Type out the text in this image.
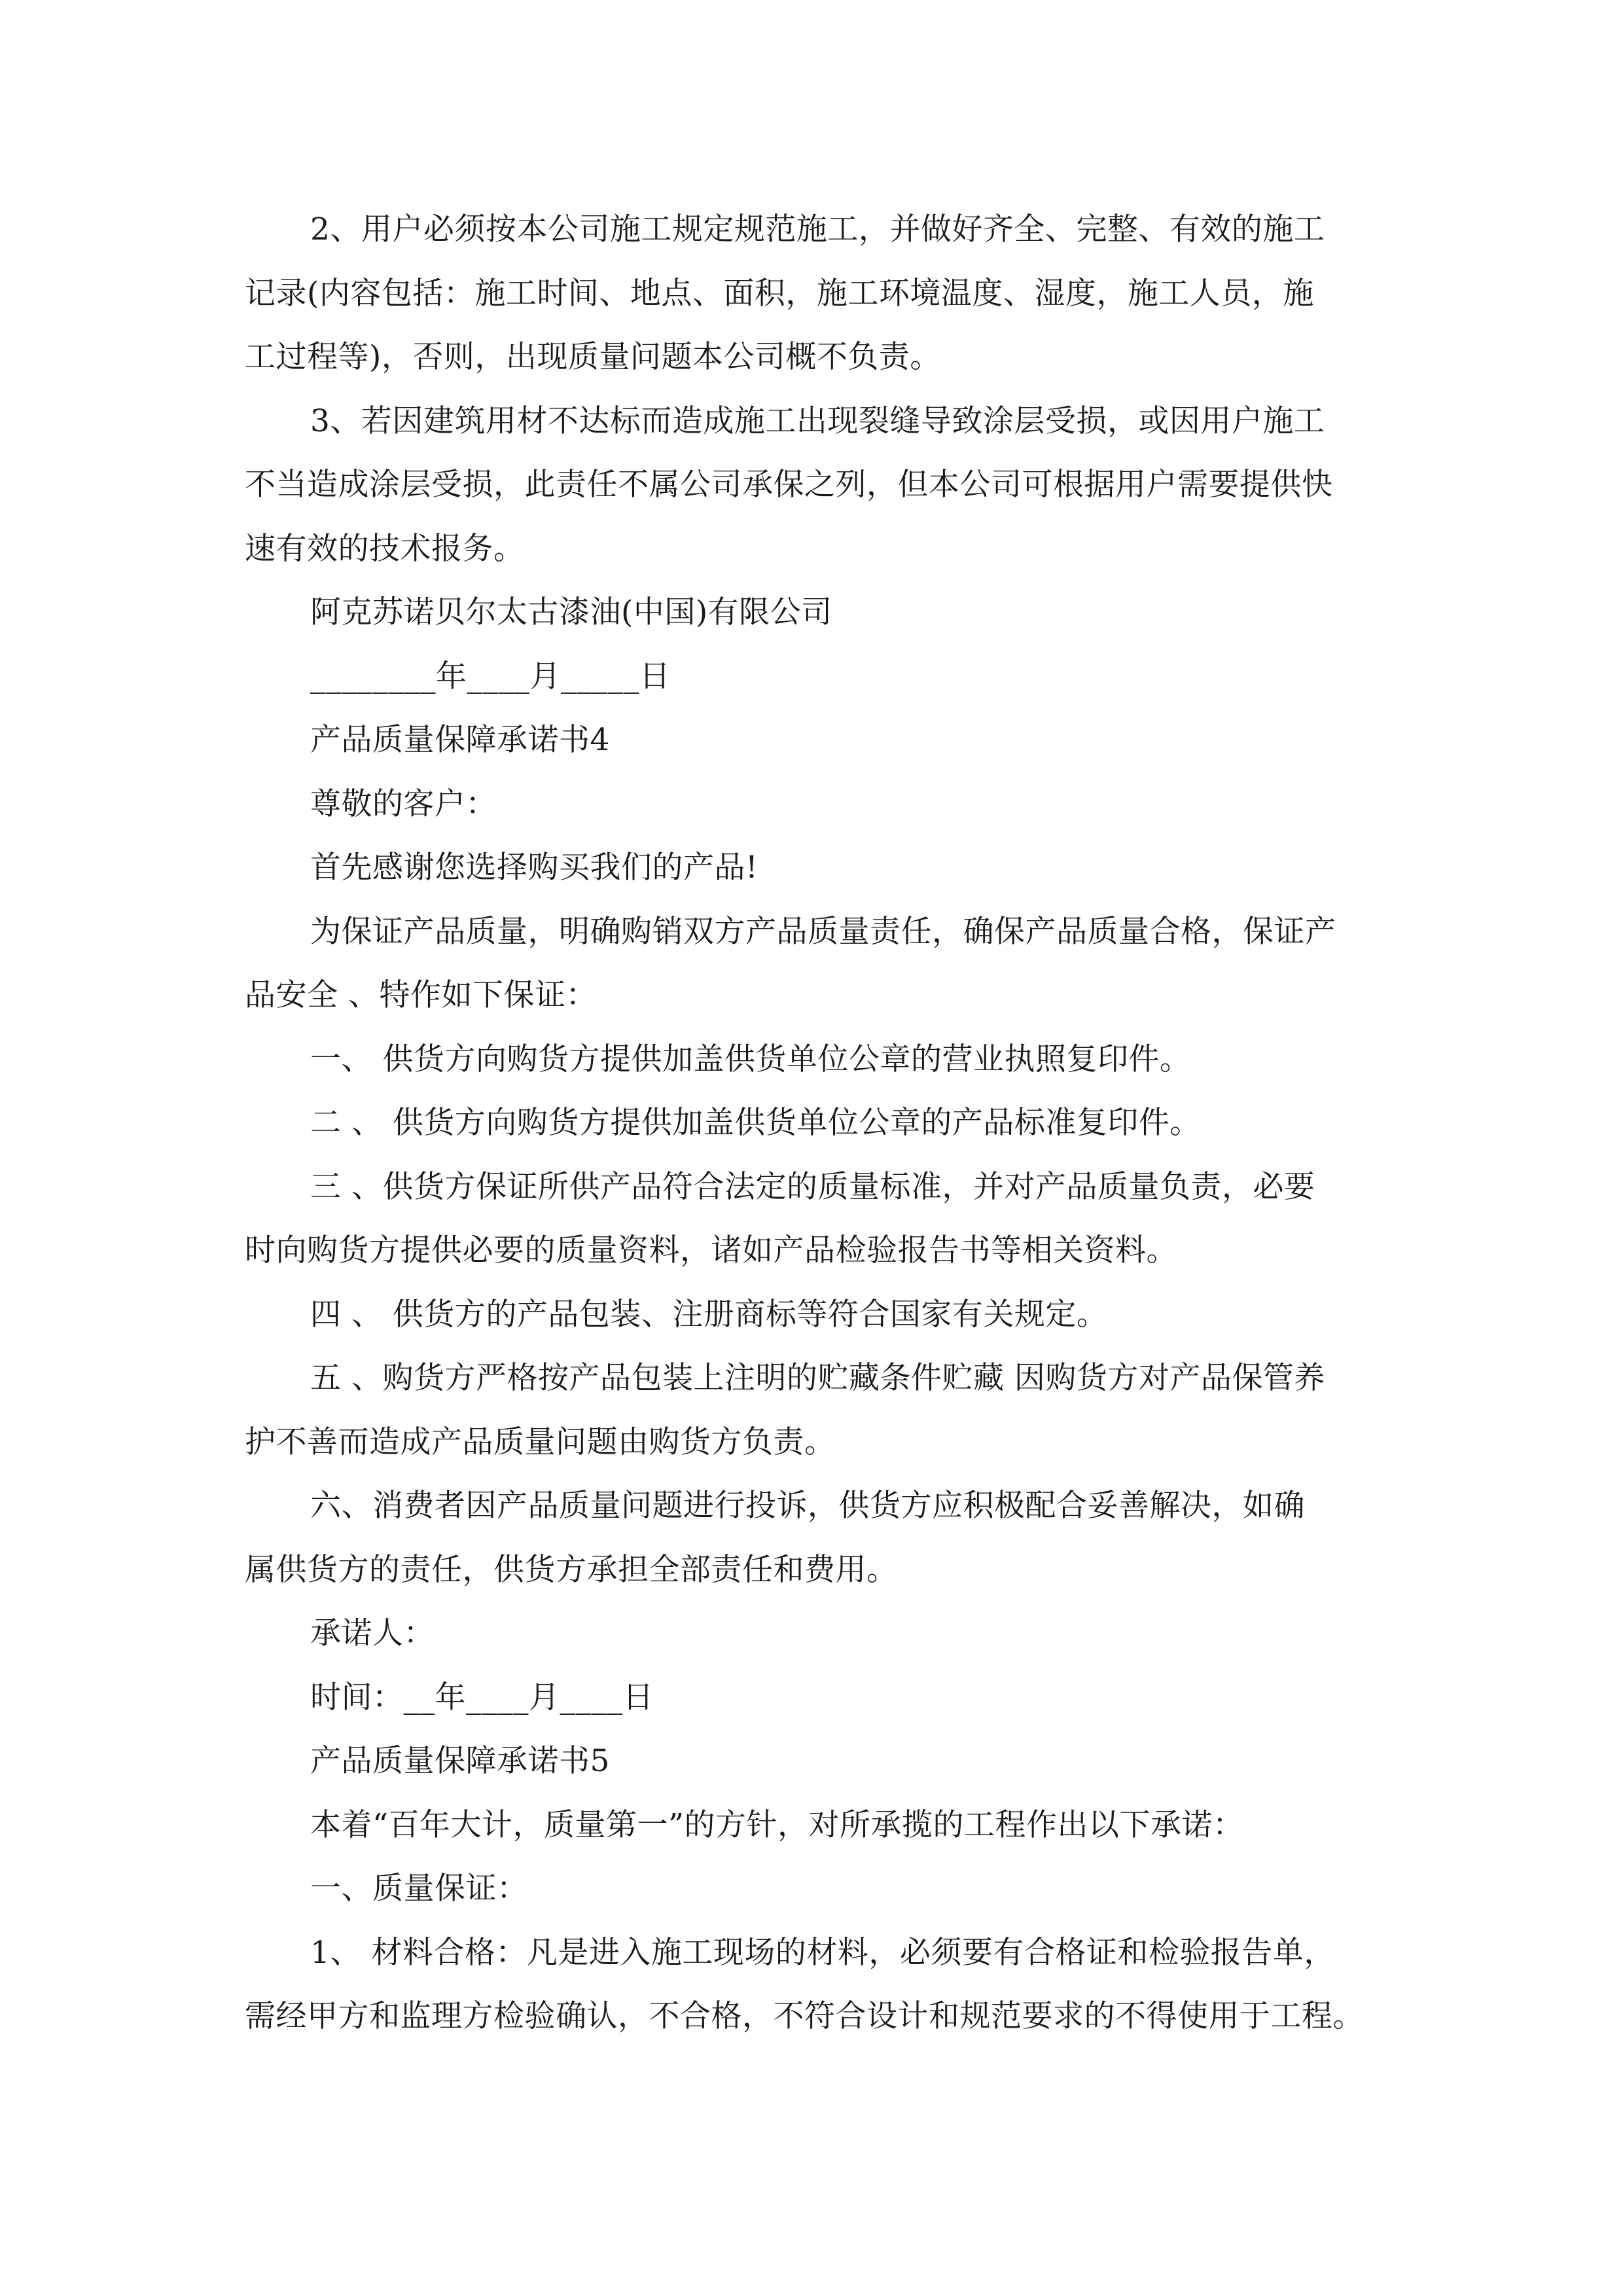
2、用户必须按本公司施工规定规范施工，并做好齐全、完整、有效的施工
记录(内容包括：施工时间、地点、面积，施工环境温度、湿度，施工人员，施
工过程等)，否则，出现质量问题本公司概不负责。
3、若因建筑用材不达标而造成施工出现裂缝导致涂层受损，或因用户施工
不当造成涂层受损，此责任不属公司承保之列，但本公司可根据用户需要提供快
速有效的技术报务。
阿克苏诺贝尔太古漆油(中国)有限公司
________年____月_____日
产品质量保障承诺书4
尊敬的客户：
首先感谢您选择购买我们的产品!
为保证产品质量，明确购销双方产品质量责任，确保产品质量合格，保证产
品安全 、特作如下保证：
一、 供货方向购货方提供加盖供货单位公章的营业执照复印件。
二 、 供货方向购货方提供加盖供货单位公章的产品标准复印件。
三 、供货方保证所供产品符合法定的质量标准，并对产品质量负责，必要
时向购货方提供必要的质量资料，诸如产品检验报告书等相关资料。
四 、 供货方的产品包装、注册商标等符合国家有关规定。
五 、购货方严格按产品包装上注明的贮藏条件贮藏 因购货方对产品保管养
护不善而造成产品质量问题由购货方负责。
六、消费者因产品质量问题进行投诉，供货方应积极配合妥善解决，如确
属供货方的责任，供货方承担全部责任和费用。
承诺人：
时间：__年____月____日
产品质量保障承诺书5
本着“百年大计，质量第一”的方针，对所承揽的工程作出以下承诺：
一、质量保证：
1、 材料合格：凡是进入施工现场的材料，必须要有合格证和检验报告单，
需经甲方和监理方检验确认，不合格，不符合设计和规范要求的不得使用于工程。
